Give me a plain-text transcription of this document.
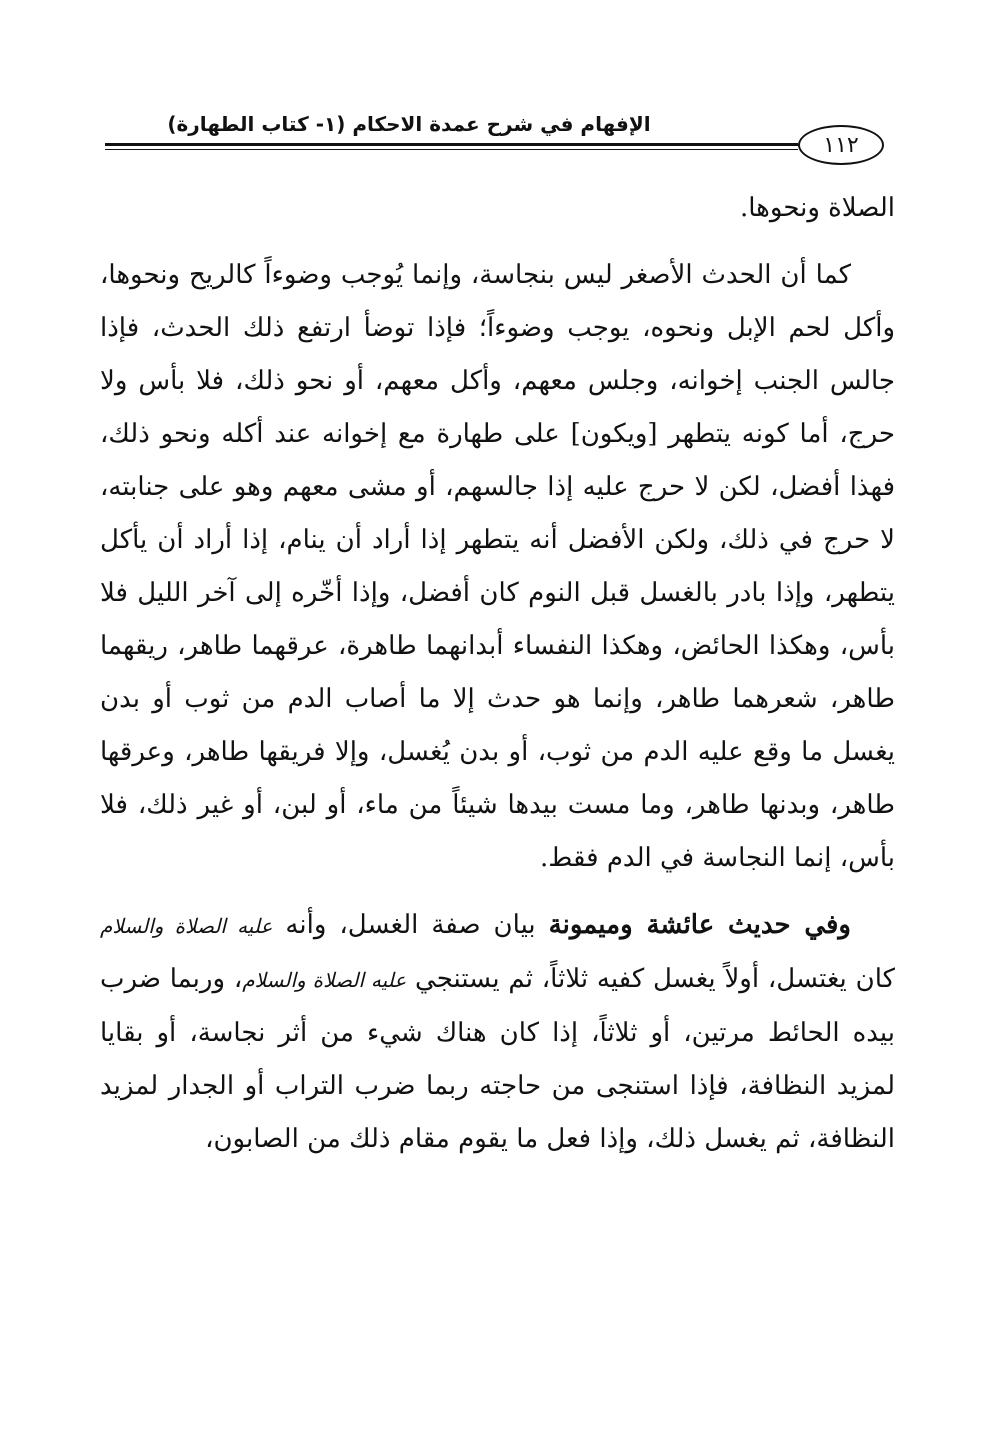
الإفهام في شرح عمدة الاحكام (١- كتاب الطهارة)
١١٢

الصلاة ونحوها.

كما أن الحدث الأصغر ليس بنجاسة، وإنما يُوجب وضوءاً كالريح ونحوها، وأكل لحم الإبل ونحوه، يوجب وضوءاً؛ فإذا توضأ ارتفع ذلك الحدث، فإذا جالس الجنب إخوانه، وجلس معهم، وأكل معهم، أو نحو ذلك، فلا بأس ولا حرج، أما كونه يتطهر [ويكون] على طهارة مع إخوانه عند أكله ونحو ذلك، فهذا أفضل، لكن لا حرج عليه إذا جالسهم، أو مشى معهم وهو على جنابته، لا حرج في ذلك، ولكن الأفضل أنه يتطهر إذا أراد أن ينام، إذا أراد أن يأكل يتطهر، وإذا بادر بالغسل قبل النوم كان أفضل، وإذا أخّره إلى آخر الليل فلا بأس، وهكذا الحائض، وهكذا النفساء أبدانهما طاهرة، عرقهما طاهر، ريقهما طاهر، شعرهما طاهر، وإنما هو حدث إلا ما أصاب الدم من ثوب أو بدن يغسل ما وقع عليه الدم من ثوب، أو بدن يُغسل، وإلا فريقها طاهر، وعرقها طاهر، وبدنها طاهر، وما مست بيدها شيئاً من ماء، أو لبن، أو غير ذلك، فلا بأس، إنما النجاسة في الدم فقط.

وفي حديث عائشة وميمونة بيان صفة الغسل، وأنه عليه الصلاة والسلام كان يغتسل، أولاً يغسل كفيه ثلاثاً، ثم يستنجي عليه الصلاة والسلام، وربما ضرب بيده الحائط مرتين، أو ثلاثاً، إذا كان هناك شيء من أثر نجاسة، أو بقايا لمزيد النظافة، فإذا استنجى من حاجته ربما ضرب التراب أو الجدار لمزيد النظافة، ثم يغسل ذلك، وإذا فعل ما يقوم مقام ذلك من الصابون،
